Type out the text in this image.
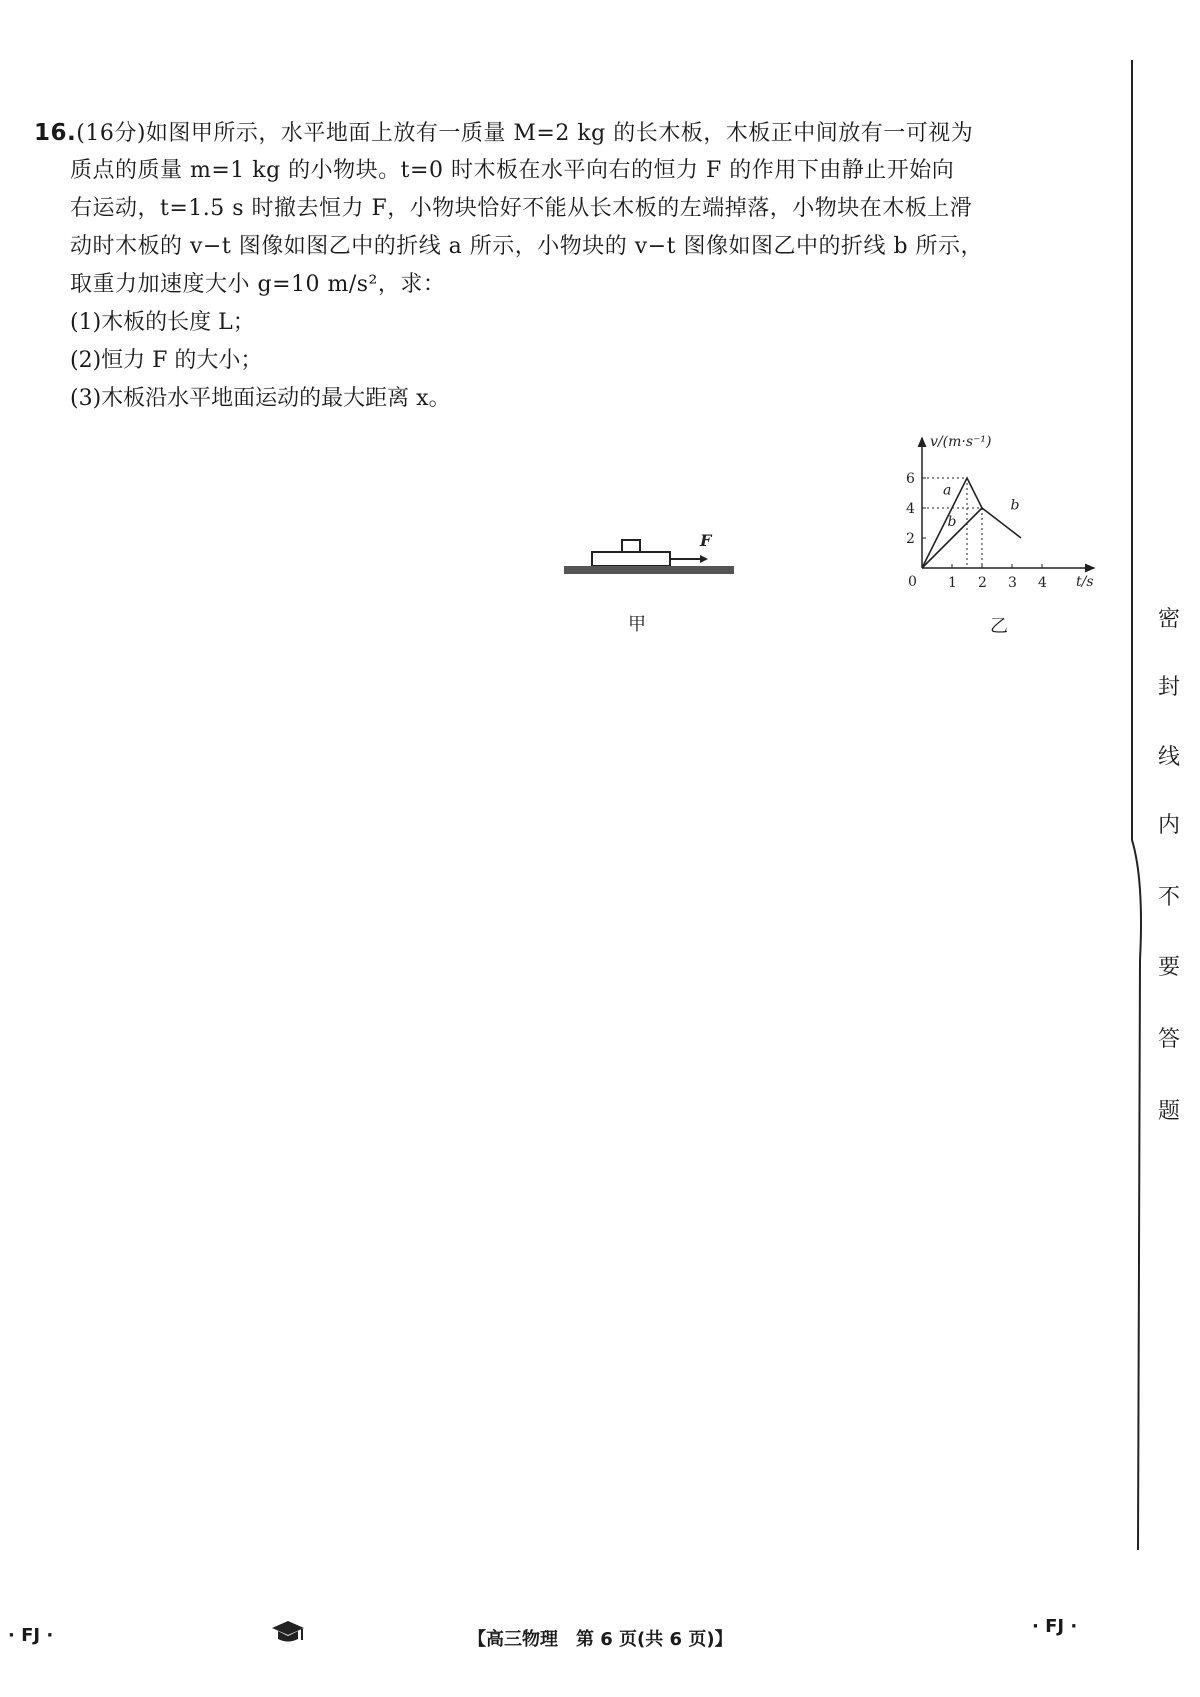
16.(16分)如图甲所示，水平地面上放有一质量 M=2 kg 的长木板，木板正中间放有一可视为
质点的质量 m=1 kg 的小物块。t=0 时木板在水平向右的恒力 F 的作用下由静止开始向
右运动，t=1.5 s 时撤去恒力 F，小物块恰好不能从长木板的左端掉落，小物块在木板上滑
动时木板的 v−t 图像如图乙中的折线 a 所示，小物块的 v−t 图像如图乙中的折线 b 所示，
取重力加速度大小 g=10 m/s²，求：
(1)木板的长度 L；
(2)恒力 F 的大小；
(3)木板沿水平地面运动的最大距离 x。
F
甲
v/(m·s⁻¹)
t/s
0 1 2 3 4
2
4
6
a
b
b
乙	密
封
线
内
不
要
答
题
· FJ ·	【高三物理　第 6 页(共 6 页)】
· FJ ·
